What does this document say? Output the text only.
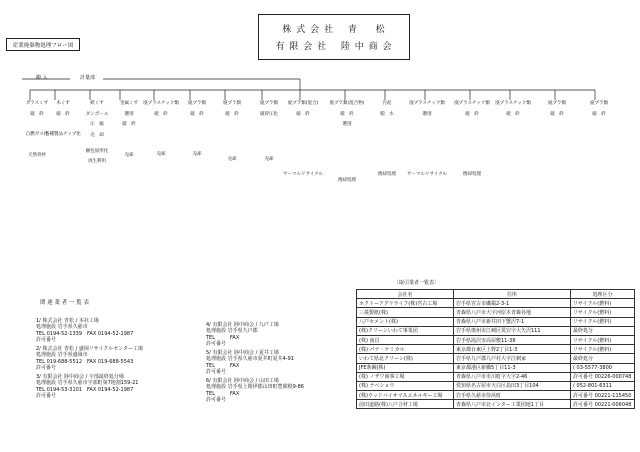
産業廃棄物処理フロー図
株 式 会 社　 青 　 松
有 限 会 社 　陸 中 商 会
搬 入	計量部
ガラスくず
破　砕
自燃ガス化
天然骨材
木くず
破　砕
各種製品チップ化
紙くず
ダンボール
圧　縮
売　却
梱包固形化
再生利用
金属くず
選別
破　砕
売却
廃プラスチック類
破　砕
売却
廃プラ類
破　砕
売却
廃プラ類
破　砕
売却
廃プラ類
破砕圧化
売却
廃プラ類(混合)
破　砕
サーマルリサイクル
廃プラ類(混合物)
破　砕
選別
焼却処理
汚泥
脱　水
焼却処理
廃プラスチック類
選別
サーマルリサイクル
廃プラスチック類
破　砕
焼却処理
廃プラスチック類
破　砕
廃プラ類
破　砕
廃プラ類
破　砕
関 連 業 者 一 覧 表
1/ 株式会社 青松 / 本社工場
処理施設 岩手県久慈市
TEL 0194-52-1339　FAX 0194-52-1987
許可番号
2/ 株式会社 青松 / 盛岡リサイクルセンター工場
処理施設 岩手県盛岡市
TEL 019-688-5512　FAX 019-688-5543
許可番号
3/ 有限会社 陸中商会 / 宇部最終処分場
処理施設 岩手県久慈市宇部町第7地割159-21
TEL 0194-53-3101　FAX 0194-52-1987
許可番号
4/ 有限会社 陸中商会 / 九戸工場
処理施設 岩手県九戸郡
TEL　　　FAX
許可番号
5/ 有限会社 陸中商会 / 夏井工場
処理施設 岩手県久慈市夏井町夏井4-91
TEL　　　FAX
許可番号
6/ 有限会社 陸中商会 / 山田工場
処理施設 岩手県上閉伊郡山田町豊間根9-86
TEL　　　FAX
許可番号
〔取引業者一覧表〕
会社名	住所	処理区分
ホクトーアグリライフ(株)宮古工場	岩手県宮古市磯鶏2-3-1	リサイクル(燃料)
三菱製紙(株)	青森県八戸市大字河原木青森谷地	リサイクル(燃料)
八戸セメント(株)	青森県八戸市新井田下蟹沢7-1	リサイクル(燃料)
(株)クリーンいわて事業団	岩手県奥州市江刺区愛宕字大矢沢111	最終処分
(株) 南昌	岩手県滝沢市高屋敷11-38	リサイクル(燃料)
(株) パナ・ケミカル	東京都台東区上野2丁目1-3	リサイクル(燃料)
いわて県北クリーン(株)	岩手県九戸郡九戸村大字江刺家	最終処分
JFE条鋼(株)	東京都港区新橋5丁目11-3	( 03-5577-3800
(株) ノザワ商事工場	青森県八戸市市川町字大字2-46	許可番号 00226-000748
(株) ナベショウ	愛知県名古屋市天白区島田3丁目104	( 052-801-6311
(株)ウッドバイオマスエネルギー工場	岩手県久慈市侍浜町	許可番号 00221-115450
前田道路(株)八戸合材工場	青森県八戸市北インター工業団地1丁目	許可番号 00221-006048
